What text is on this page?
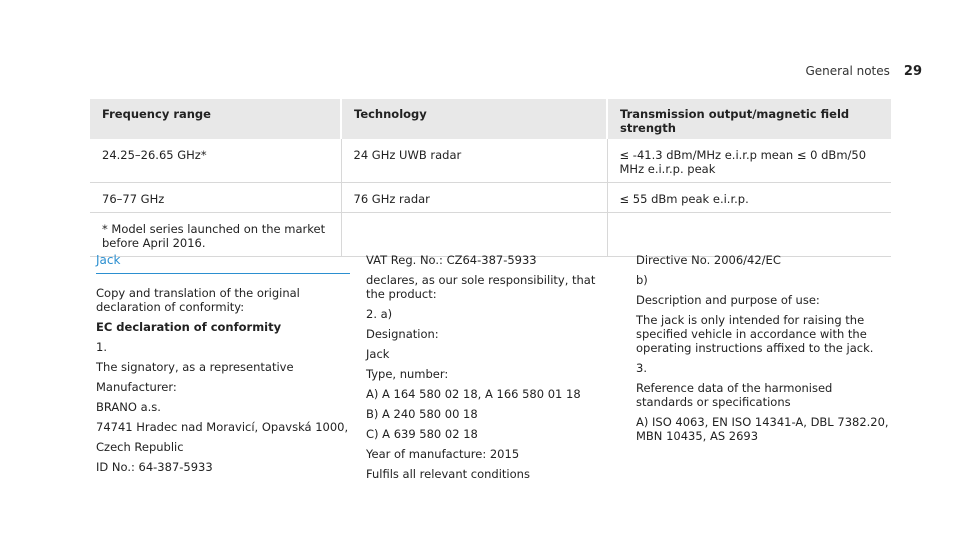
General notes 29
Frequency range	Technology	Transmission output/magnetic field strength
24.25–26.65 GHz*	24 GHz UWB radar	≤ -41.3 dBm/MHz e.i.r.p mean ≤ 0 dBm/50 MHz e.i.r.p. peak
76–77 GHz	76 GHz radar	≤ 55 dBm peak e.i.r.p.
* Model series launched on the market before April 2016.		
Jack

Copy and translation of the original declaration of conformity:

EC declaration of conformity

1.

The signatory, as a representative

Manufacturer:

BRANO a.s.

74741 Hradec nad Moravicí, Opavská 1000,

Czech Republic

ID No.: 64-387-5933

VAT Reg. No.: CZ64-387-5933

declares, as our sole responsibility, that the product:

2. a)

Designation:

Jack

Type, number:

A) A 164 580 02 18, A 166 580 01 18

B) A 240 580 00 18

C) A 639 580 02 18

Year of manufacture: 2015

Fulfils all relevant conditions

Directive No. 2006/42/EC

b)

Description and purpose of use:

The jack is only intended for raising the specified vehicle in accordance with the operating instructions affixed to the jack.

3.

Reference data of the harmonised standards or specifications

A) ISO 4063, EN ISO 14341-A, DBL 7382.20, MBN 10435, AS 2693
